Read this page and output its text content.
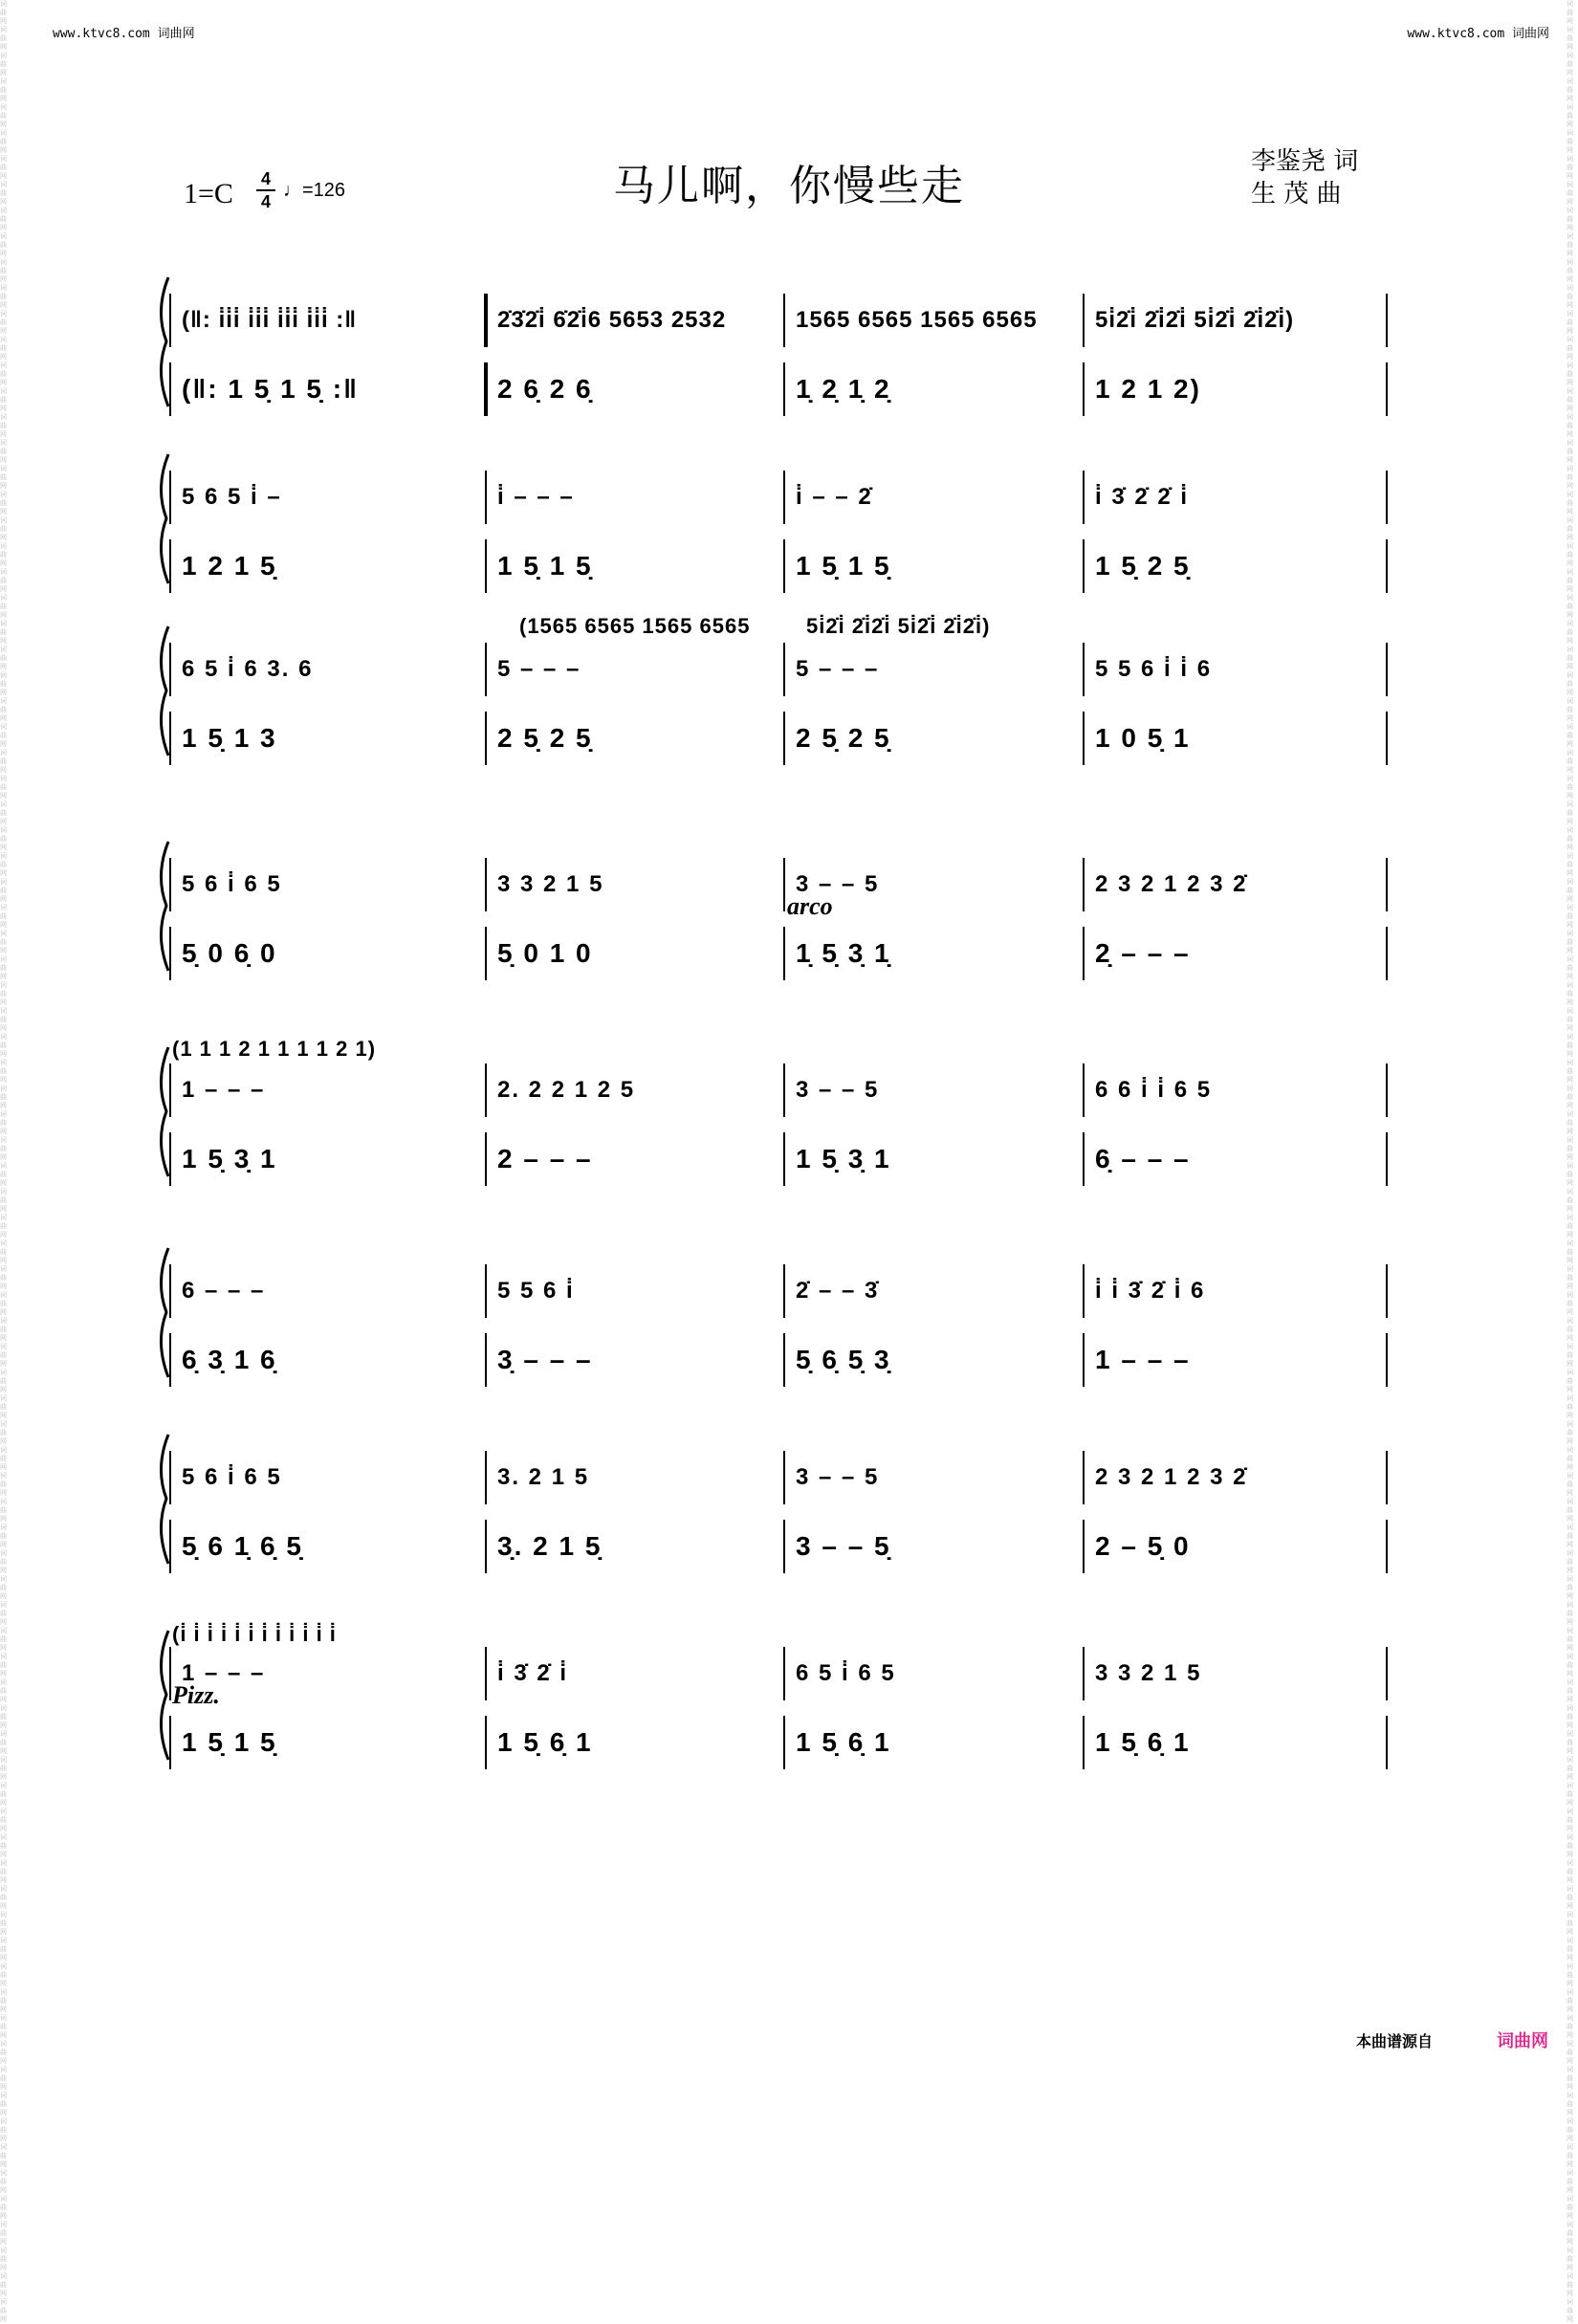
www.ktvc8.com 词曲网	www.ktvc8.com 词曲网
词曲网词曲网词曲网词曲网词曲网词曲网词曲网词曲网词曲网词曲网词曲网词曲网词曲网词曲网词曲网词曲网词曲网词曲网词曲网词曲网词曲网词曲网词曲网词曲网词曲网词曲网词曲网词曲网词曲网词曲网词曲网词曲网词曲网词曲网词曲网词曲网词曲网词曲网词曲网词曲网词曲网词曲网词曲网词曲网词曲网词曲网词曲网词曲网词曲网词曲网词曲网词曲网词曲网词曲网词曲网词曲网词曲网词曲网词曲网词曲网词曲网词曲网词曲网词曲网词曲网词曲网词曲网词曲网词曲网词曲网词曲网词曲网词曲网词曲网词曲网词曲网词曲网词曲网词曲网词曲网词曲网词曲网词曲网词曲网词曲网词曲网词曲网词曲网词曲网词曲网
词曲网词曲网词曲网词曲网词曲网词曲网词曲网词曲网词曲网词曲网词曲网词曲网词曲网词曲网词曲网词曲网词曲网词曲网词曲网词曲网词曲网词曲网词曲网词曲网词曲网词曲网词曲网词曲网词曲网词曲网词曲网词曲网词曲网词曲网词曲网词曲网词曲网词曲网词曲网词曲网词曲网词曲网词曲网词曲网词曲网词曲网词曲网词曲网词曲网词曲网词曲网词曲网词曲网词曲网词曲网词曲网词曲网词曲网词曲网词曲网词曲网词曲网词曲网词曲网词曲网词曲网词曲网词曲网词曲网词曲网词曲网词曲网词曲网词曲网词曲网词曲网词曲网词曲网词曲网词曲网词曲网词曲网词曲网词曲网词曲网词曲网词曲网词曲网词曲网词曲网
1=C 4
4
♩=126	马儿啊，你慢些走	李鉴尧 词
生 茂 曲
(‖: i̇i̇i̇ i̇i̇i̇ i̇i̇i̇ i̇i̇i̇ :‖	2̇3̇2̇i̇ 6̇2̇i̇6 5653 2532	1565 6565 1565 6565	5i̇2̇i̇ 2̇i̇2̇i̇ 5i̇2̇i̇ 2̇i̇2̇i̇)
(‖: 1 5̣ 1 5̣ :‖	2 6̣ 2 6̣	1̣ 2̣ 1̣ 2̣	1 2 1 2)
5 6 5 i̇ –	i̇ – – –	i̇ – – 2̇	i̇ 3̇ 2̇ 2̇ i̇
1 2 1 5̣	1 5̣ 1 5̣	1 5̣ 1 5̣	1 5̣ 2 5̣
6 5 i̇ 6 3. 6	5 – – –	5 – – –	5 5 6 i̇ i̇ 6
1 5̣ 1 3	2 5̣ 2 5̣	2 5̣ 2 5̣	1 0 5̣ 1
(1565 6565 1565 6565	5i̇2̇i̇ 2̇i̇2̇i̇ 5i̇2̇i̇ 2̇i̇2̇i̇)
5 6 i̇ 6 5	3 3 2 1 5	3 – – 5	2 3 2 1 2 3 2̇
5̣ 0 6̣ 0	5̣ 0 1 0	1̣ 5̣ 3̣ 1̣	2̣ – – –
arco
1 – – –	2. 2 2 1 2 5	3 – – 5	6 6 i̇ i̇ 6 5
1 5̣ 3̣ 1	2 – – –	1 5̣ 3̣ 1	6̣ – – –
(1 1 1 2 1 1 1 1 2 1)
6 – – –	5 5 6 i̇	2̇ – – 3̇	i̇ i̇ 3̇ 2̇ i̇ 6
6̣ 3̣ 1 6̣	3̣ – – –	5̣ 6̣ 5̣ 3̣	1 – – –
5 6 i̇ 6 5	3. 2 1 5	3 – – 5	2 3 2 1 2 3 2̇
5̣ 6 1̣ 6̣ 5̣	3̣. 2 1 5̣	3 – – 5̣	2 – 5̣ 0
1 – – –	i̇ 3̇ 2̇ i̇	6 5 i̇ 6 5	3 3 2 1 5
1 5̣ 1 5̣	1 5̣ 6̣ 1	1 5̣ 6̣ 1	1 5̣ 6̣ 1
(i̇ i̇ i̇ i̇ i̇ i̇ i̇ i̇ i̇ i̇ i̇ i̇
Pizz.
本曲谱源自	词曲网
